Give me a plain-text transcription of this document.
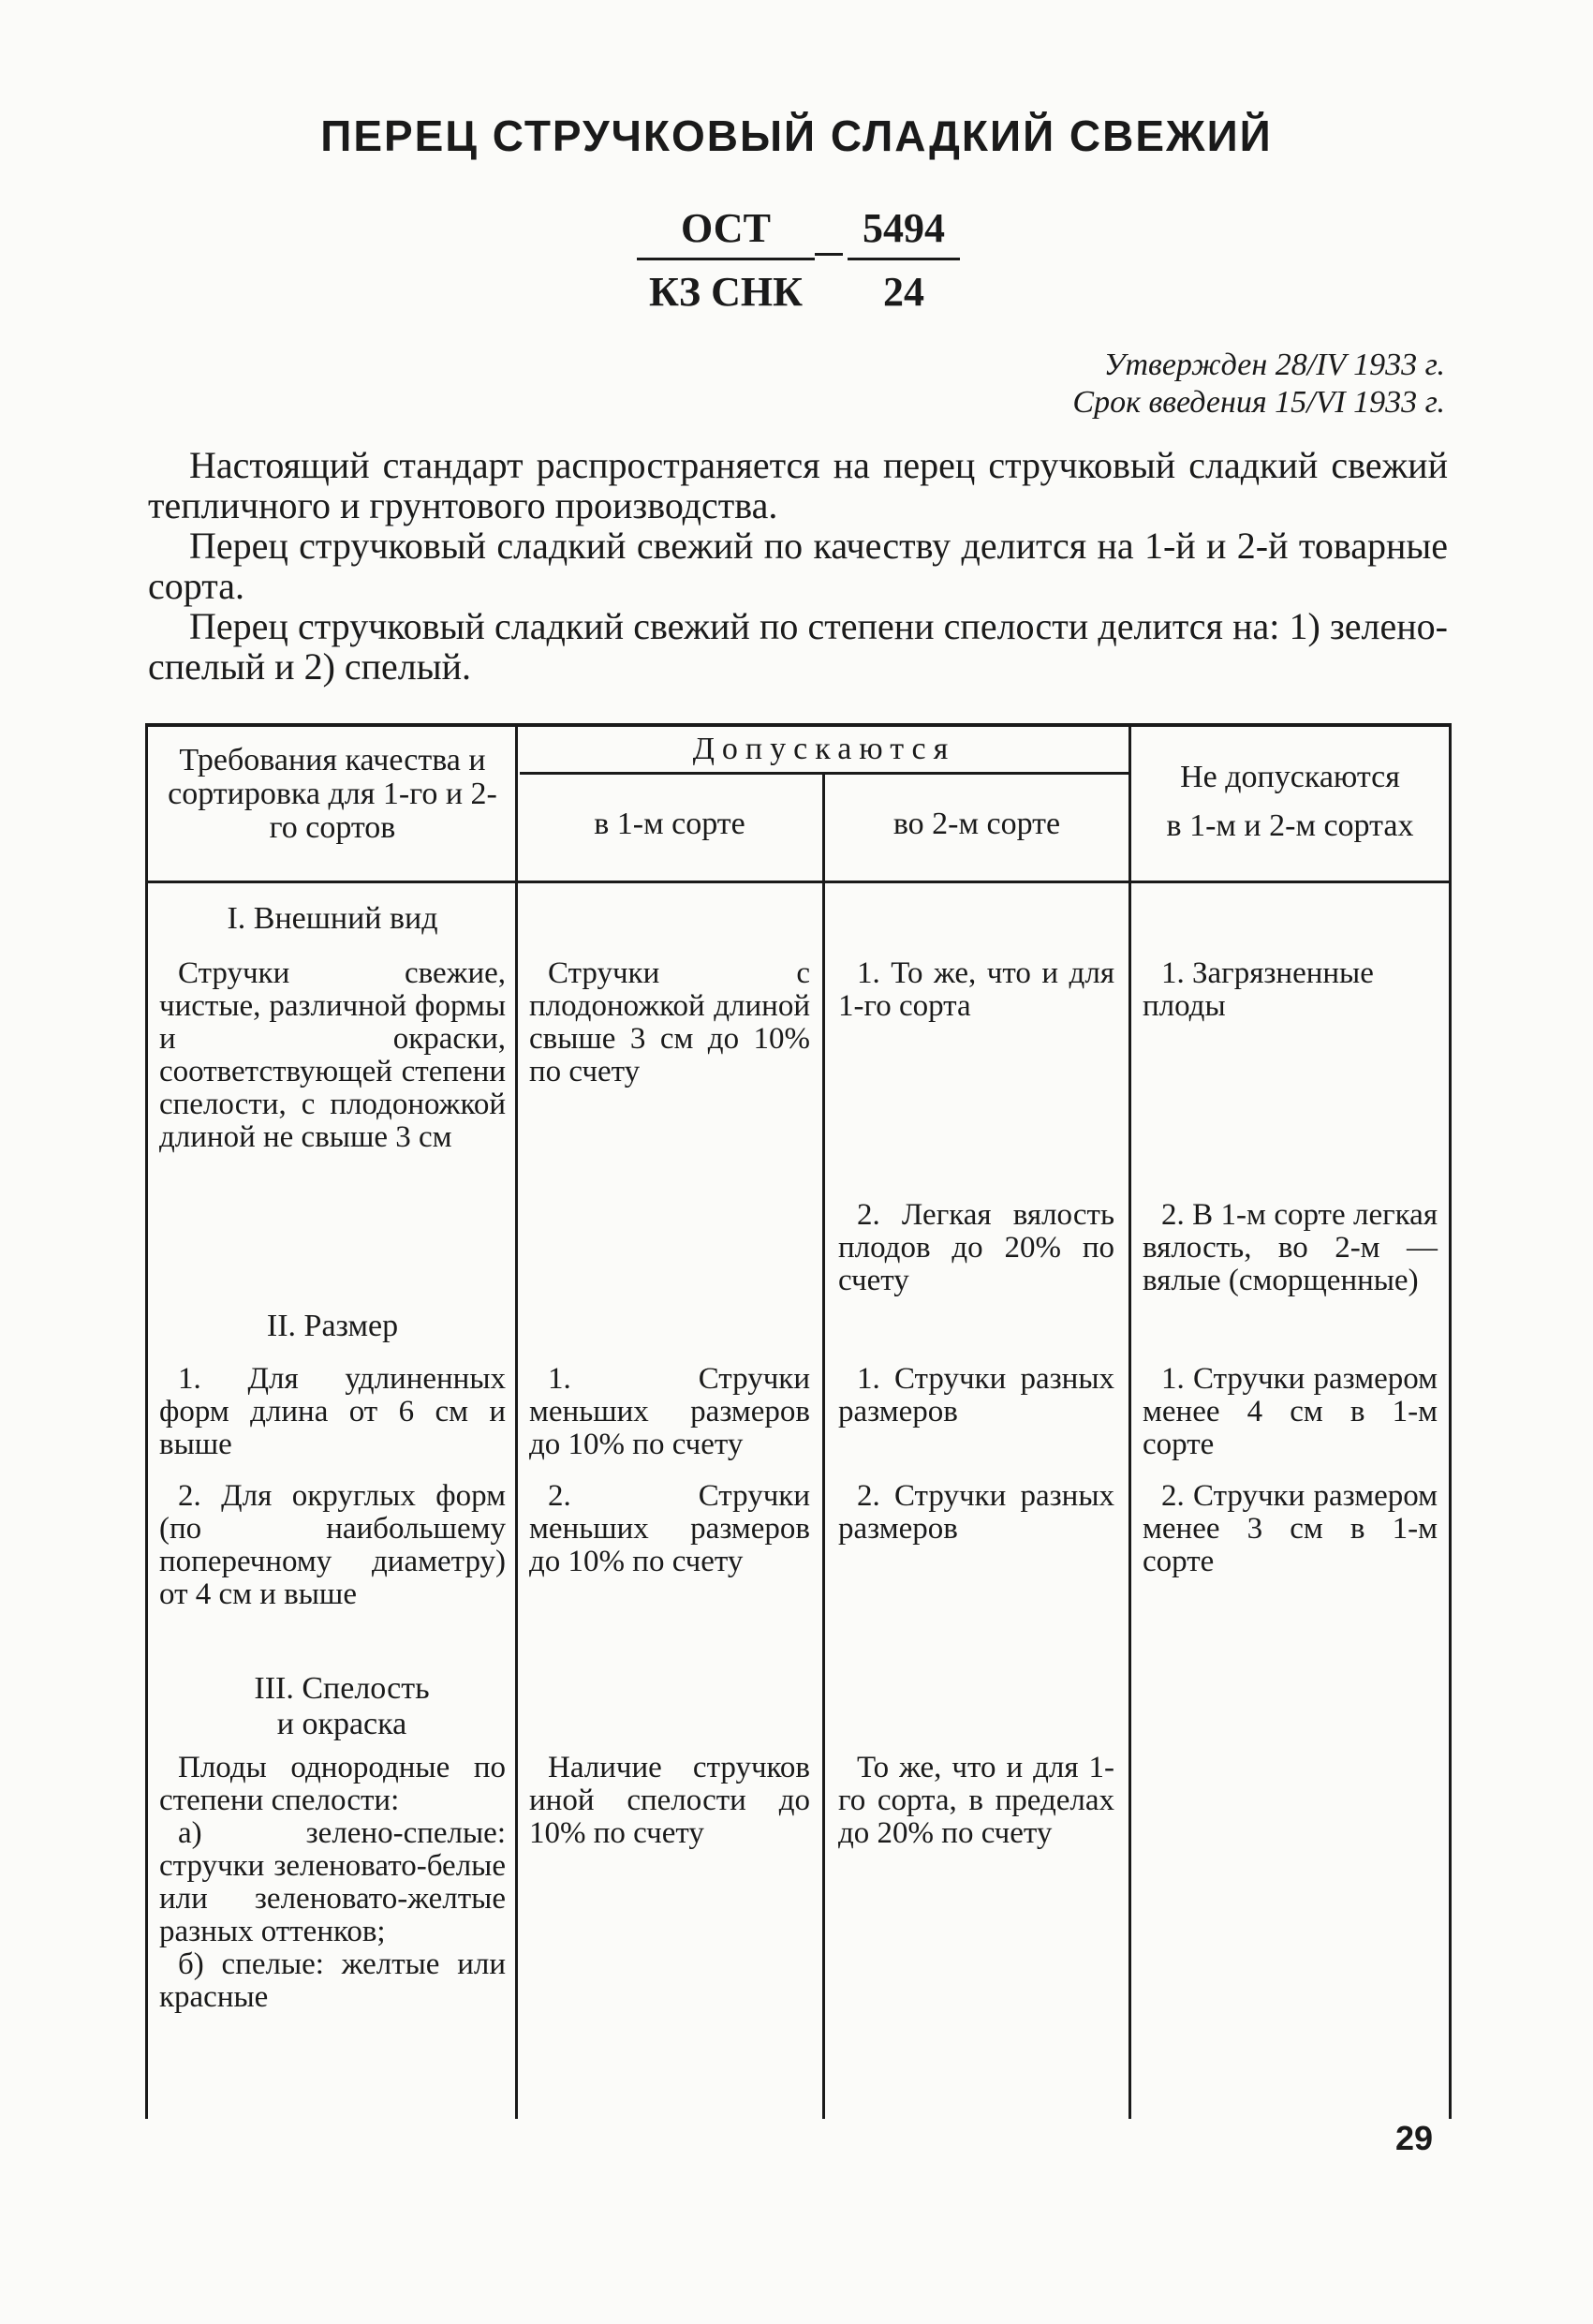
ПЕРЕЦ СТРУЧКОВЫЙ СЛАДКИЙ СВЕЖИЙ
ОСТ
КЗ СНК $\frac{5494}{24}$
Утвержден 28/IV 1933 г.
Срок введения 15/VI 1933 г.

Настоящий стандарт распространяется на перец стручковый сладкий свежий тепличного и грунтового производства.

Перец стручковый сладкий свежий по качеству делится на 1-й и 2-й товарные сорта.

Перец стручковый сладкий свежий по степени спелости делится на: 1) зелено-спелый и 2) спелый.

Требования качества и сортировка для 1-го и 2-го сортов
Допускаются
в 1-м сорте	во 2-м сорте
Не допускаются
в 1-м и 2-м сортах
I. Внешний вид
Стручки свежие, чистые, различной формы и окраски, соответствующей степени спелости, с плодоножкой длиной не свыше 3 см
Стручки с плодоножкой длиной свыше 3 см до 10% по счету
1. То же, что и для 1-го сорта
1. Загрязненные плоды
2. Легкая вялость плодов до 20% по счету
2. В 1-м сорте легкая вялость, во 2-м — вялые (сморщенные)
II. Размер
1. Для удлиненных форм длина от 6 см и выше
1. Стручки меньших размеров до 10% по счету
1. Стручки разных размеров
1. Стручки размером менее 4 см в 1-м сорте
2. Для округлых форм (по наибольшему поперечному диаметру) от 4 см и выше
2. Стручки меньших размеров до 10% по счету
2. Стручки разных размеров
2. Стручки размером менее 3 см в 1-м сорте
III. Спелость и окраска

Плоды однородные по степени спелости:

а) зелено-спелые: стручки зеленовато-белые или зеленовато-желтые разных оттенков;

б) спелые: желтые или красные

Наличие стручков иной спелости до 10% по счету
То же, что и для 1-го сорта, в пределах до 20% по счету
29
